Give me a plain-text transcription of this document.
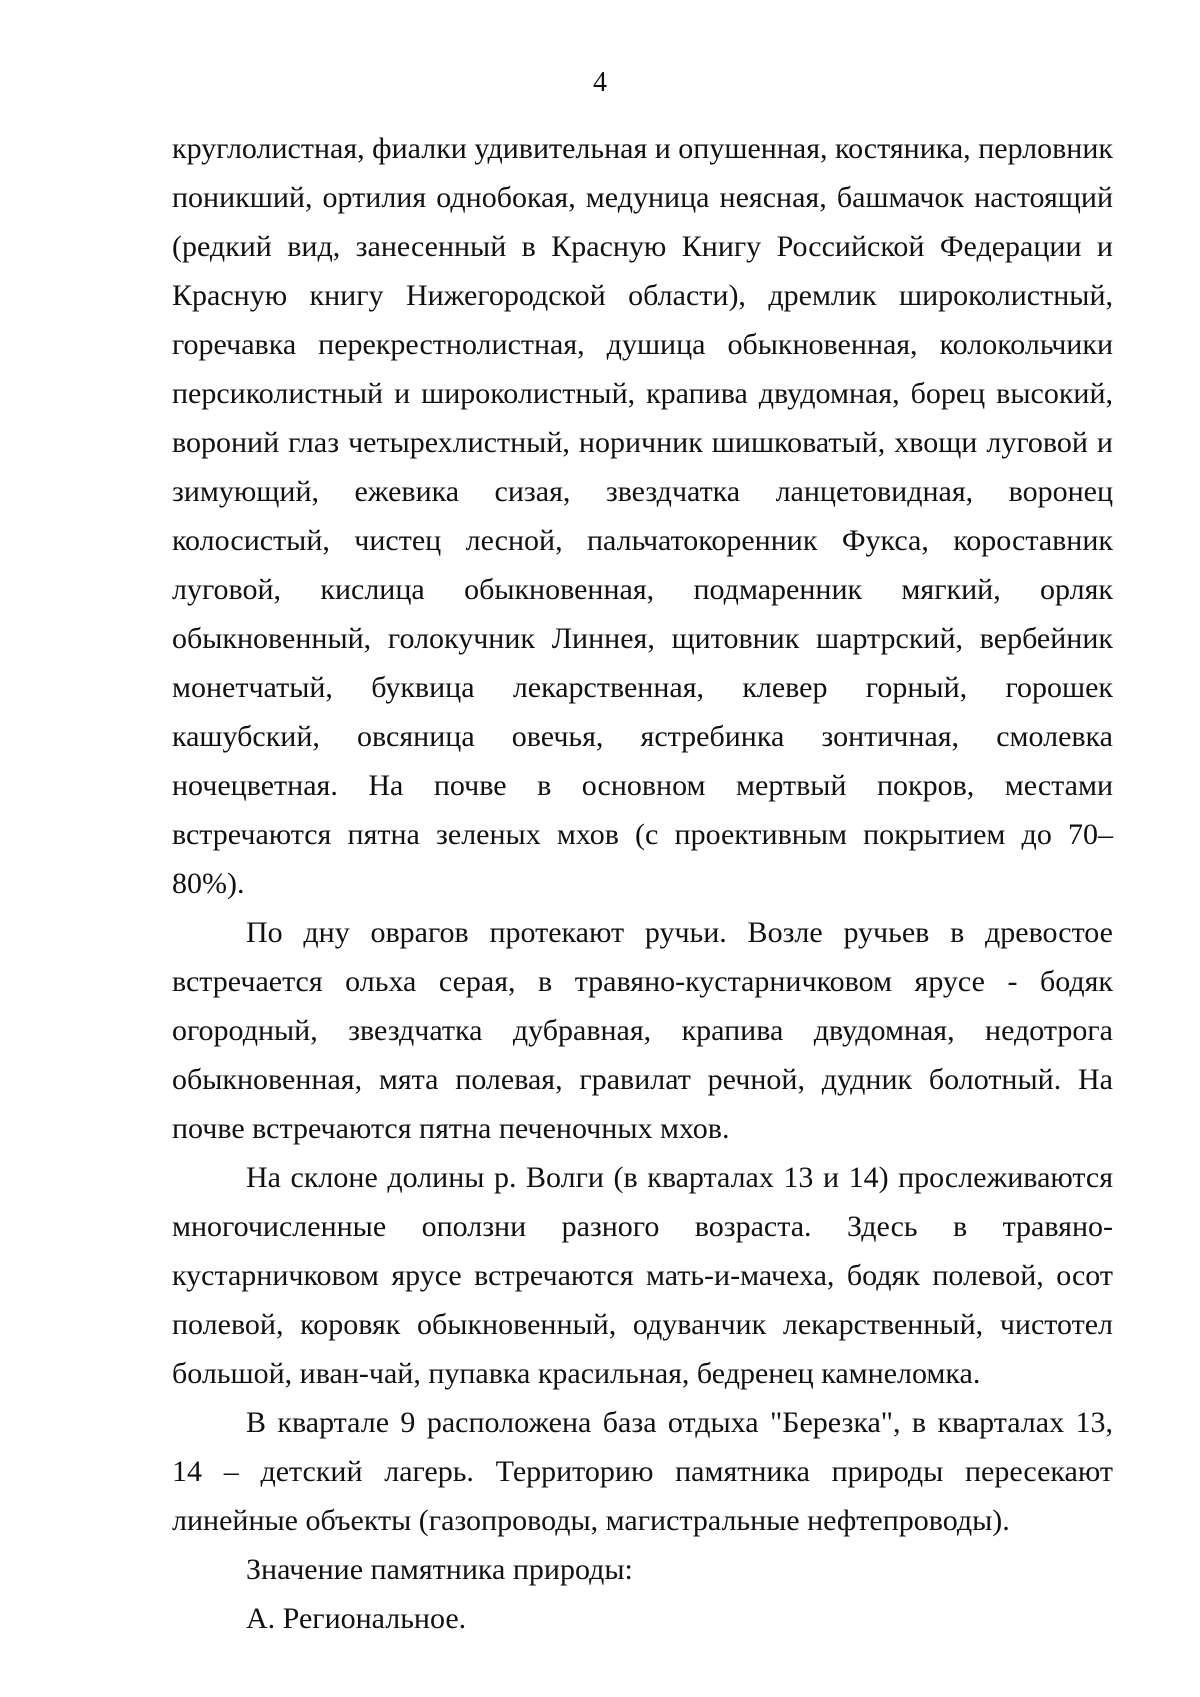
4

круглолистная, фиалки удивительная и опушенная, костяника, перловник поникший, ортилия однобокая, медуница неясная, башмачок настоящий (редкий вид, занесенный в Красную Книгу Российской Федерации и Красную книгу Нижегородской области), дремлик широколистный, горечавка перекрестнолистная, душица обыкновенная, колокольчики персиколистный и широколистный, крапива двудомная, борец высокий, вороний глаз четырехлистный, норичник шишковатый, хвощи луговой и зимующий, ежевика сизая, звездчатка ланцетовидная, воронец колосистый, чистец лесной, пальчатокоренник Фукса, короставник луговой, кислица обыкновенная, подмаренник мягкий, орляк обыкновенный, голокучник Линнея, щитовник шартрский, вербейник монетчатый, буквица лекарственная, клевер горный, горошек кашубский, овсяница овечья, ястребинка зонтичная, смолевка ночецветная. На почве в основном мертвый покров, местами встречаются пятна зеленых мхов (с проективным покрытием до 70–80%).

По дну оврагов протекают ручьи. Возле ручьев в древостое встречается ольха серая, в травяно-кустарничковом ярусе - бодяк огородный, звездчатка дубравная, крапива двудомная, недотрога обыкновенная, мята полевая, гравилат речной, дудник болотный. На почве встречаются пятна печеночных мхов.

На склоне долины р. Волги (в кварталах 13 и 14) прослеживаются многочисленные оползни разного возраста. Здесь в травяно-кустарничковом ярусе встречаются мать-и-мачеха, бодяк полевой, осот полевой, коровяк обыкновенный, одуванчик лекарственный, чистотел большой, иван-чай, пупавка красильная, бедренец камнеломка.

В квартале 9 расположена база отдыха "Березка", в кварталах 13, 14 – детский лагерь. Территорию памятника природы пересекают линейные объекты (газопроводы, магистральные нефтепроводы).

Значение памятника природы:

А. Региональное.
